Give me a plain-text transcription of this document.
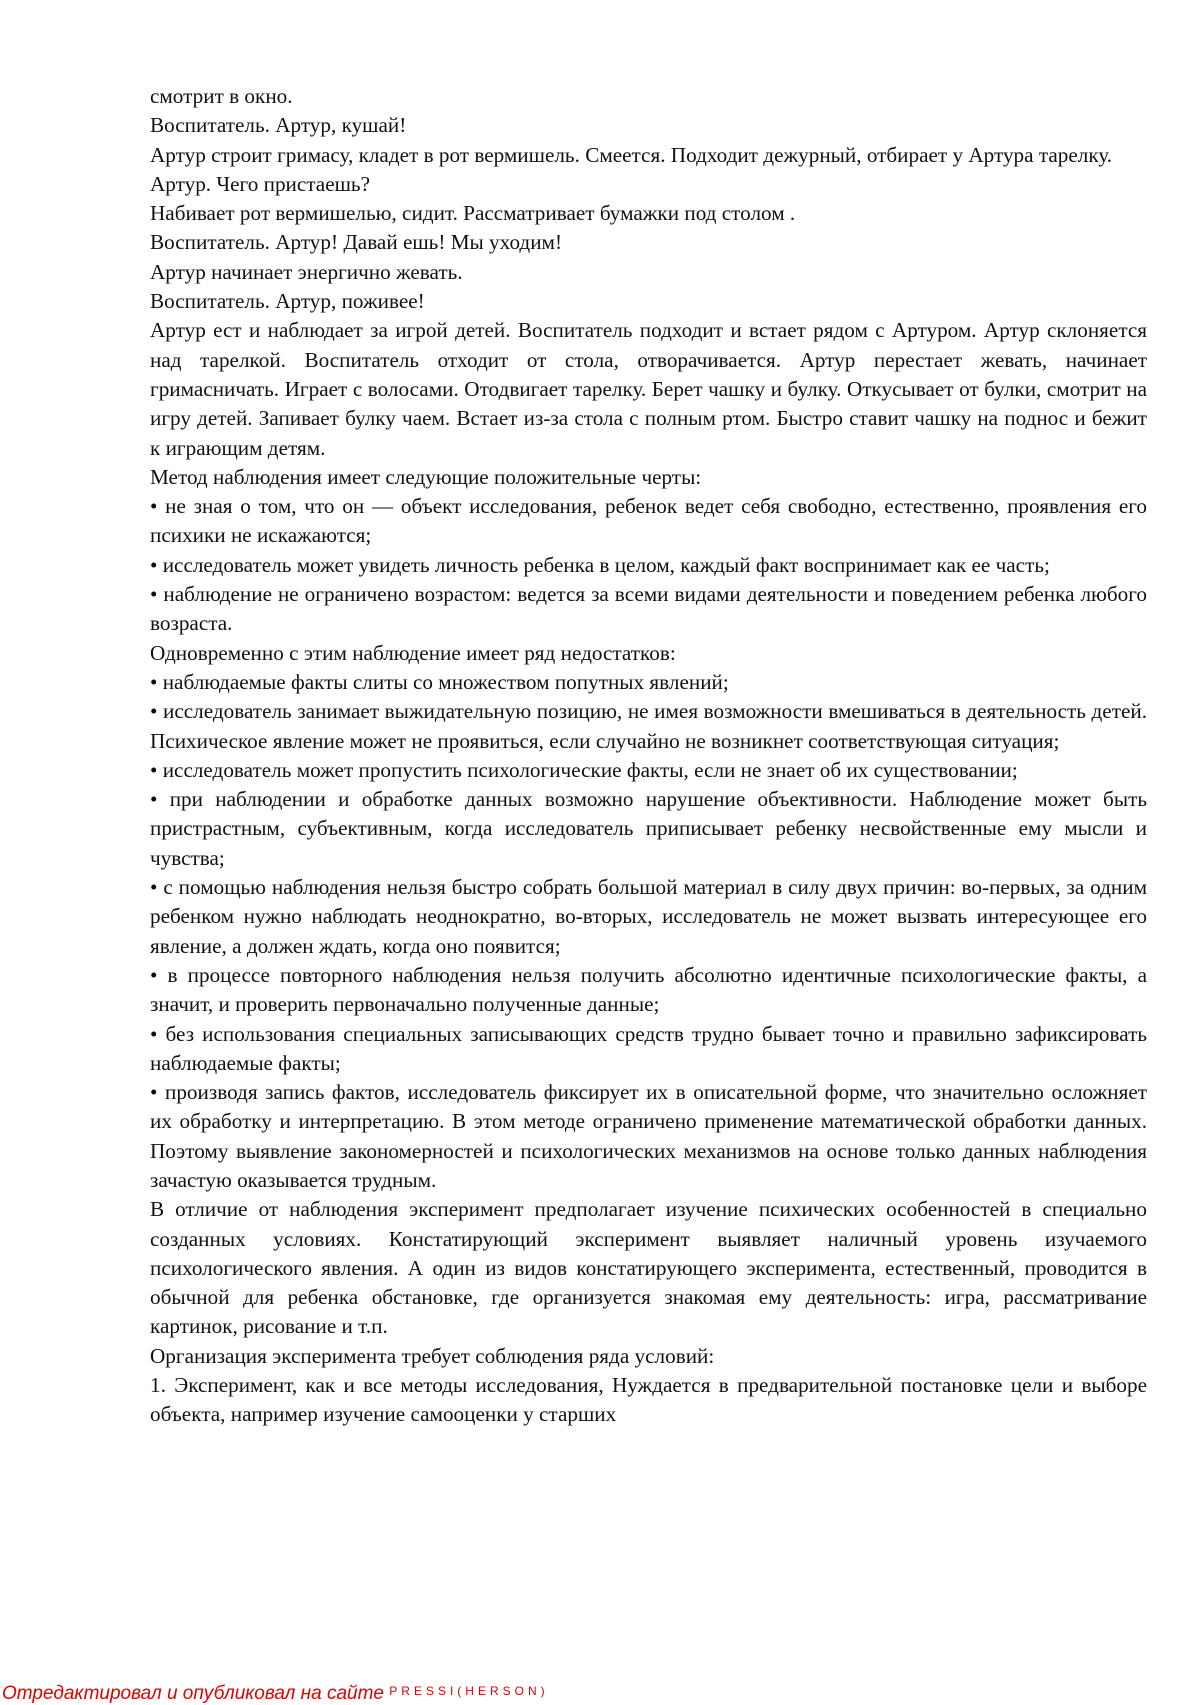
смотрит в окно.

Воспитатель. Артур, кушай!

Артур строит гримасу, кладет в рот вермишель. Смеется. Подходит дежурный, отбирает у Артура тарелку.

Артур. Чего пристаешь?

Набивает рот вермишелью, сидит. Рассматривает бумажки под столом .

Воспитатель. Артур! Давай ешь! Мы уходим!

Артур начинает энергично жевать.

Воспитатель. Артур, поживее!

Артур ест и наблюдает за игрой детей. Воспитатель подходит и встает рядом с Артуром. Артур склоняется над тарелкой. Воспитатель отходит от стола, отворачивается. Артур перестает жевать, начинает гримасничать. Играет с волосами. Отодвигает тарелку. Берет чашку и булку. Откусывает от булки, смотрит на игру детей. Запивает булку чаем. Встает из-за стола с полным ртом. Быстро ставит чашку на поднос и бежит к играющим детям.

Метод наблюдения имеет следующие положительные черты:

• не зная о том, что он — объект исследования, ребенок ведет себя свободно, естественно, проявления его психики не искажаются;

• исследователь может увидеть личность ребенка в целом, каждый факт воспринимает как ее часть;

• наблюдение не ограничено возрастом: ведется за всеми видами деятельности и поведением ребенка любого возраста.

Одновременно с этим наблюдение имеет ряд недостатков:

• наблюдаемые факты слиты со множеством попутных явлений;

• исследователь занимает выжидательную позицию, не имея возможности вмешиваться в деятельность детей. Психическое явление может не проявиться, если случайно не возникнет соответствующая ситуация;

• исследователь может пропустить психологические факты, если не знает об их существовании;

• при наблюдении и обработке данных возможно нарушение объективности. Наблюдение может быть пристрастным, субъективным, когда исследователь приписывает ребенку несвойственные ему мысли и чувства;

• с помощью наблюдения нельзя быстро собрать большой материал в силу двух причин: во-первых, за одним ребенком нужно наблюдать неоднократно, во-вторых, исследователь не может вызвать интересующее его явление, а должен ждать, когда оно появится;

• в процессе повторного наблюдения нельзя получить абсолютно идентичные психологические факты, а значит, и проверить первоначально полученные данные;

• без использования специальных записывающих средств трудно бывает точно и правильно зафиксировать наблюдаемые факты;

• производя запись фактов, исследователь фиксирует их в описательной форме, что значительно осложняет их обработку и интерпретацию. В этом методе ограничено применение математической обработки данных. Поэтому выявление закономерностей и психологических механизмов на основе только данных наблюдения зачастую оказывается трудным.

В отличие от наблюдения эксперимент предполагает изучение психических особенностей в специально созданных условиях. Констатирующий эксперимент выявляет наличный уровень изучаемого психологического явления. А один из видов констатирующего эксперимента, естественный, проводится в обычной для ребенка обстановке, где организуется знакомая ему деятельность: игра, рассматривание картинок, рисование и т.п.

Организация эксперимента требует соблюдения ряда условий:

1. Эксперимент, как и все методы исследования, Нуждается в предварительной постановке цели и выборе объекта, например изучение самооценки у старших

Отредактировал и опубликовал на сайте $^{PRESSI(HERSON)}$
